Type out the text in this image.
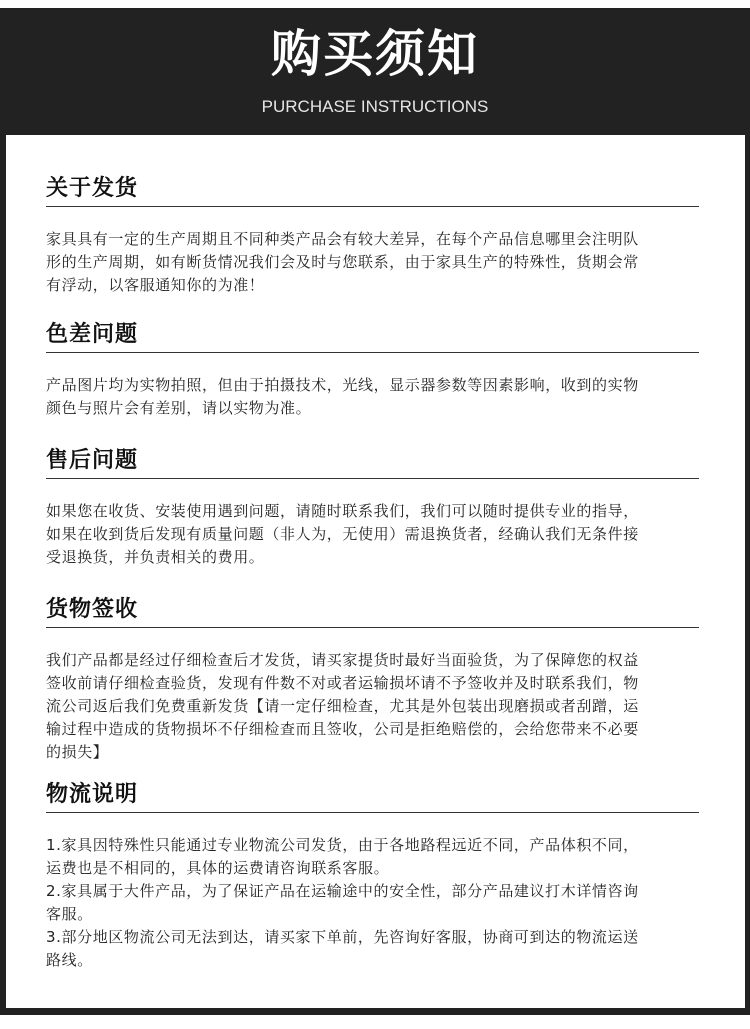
购买须知
PURCHASE INSTRUCTIONS
关于发货
家具具有一定的生产周期且不同种类产品会有较大差异，在每个产品信息哪里会注明队
形的生产周期，如有断货情况我们会及时与您联系，由于家具生产的特殊性，货期会常
有浮动，以客服通知你的为准！
色差问题
产品图片均为实物拍照，但由于拍摄技术，光线，显示器参数等因素影响，收到的实物
颜色与照片会有差别，请以实物为准。
售后问题
如果您在收货、安装使用遇到问题，请随时联系我们，我们可以随时提供专业的指导，
如果在收到货后发现有质量问题（非人为，无使用）需退换货者，经确认我们无条件接
受退换货，并负责相关的费用。
货物签收
我们产品都是经过仔细检查后才发货，请买家提货时最好当面验货，为了保障您的权益
签收前请仔细检查验货，发现有件数不对或者运输损坏请不予签收并及时联系我们，物
流公司返后我们免费重新发货【请一定仔细检查，尤其是外包装出现磨损或者刮蹭，运
输过程中造成的货物损坏不仔细检查而且签收，公司是拒绝赔偿的，会给您带来不必要
的损失】
物流说明
1.家具因特殊性只能通过专业物流公司发货，由于各地路程远近不同，产品体积不同，
运费也是不相同的，具体的运费请咨询联系客服。
2.家具属于大件产品，为了保证产品在运输途中的安全性，部分产品建议打木详情咨询
客服。
3.部分地区物流公司无法到达，请买家下单前，先咨询好客服，协商可到达的物流运送
路线。
